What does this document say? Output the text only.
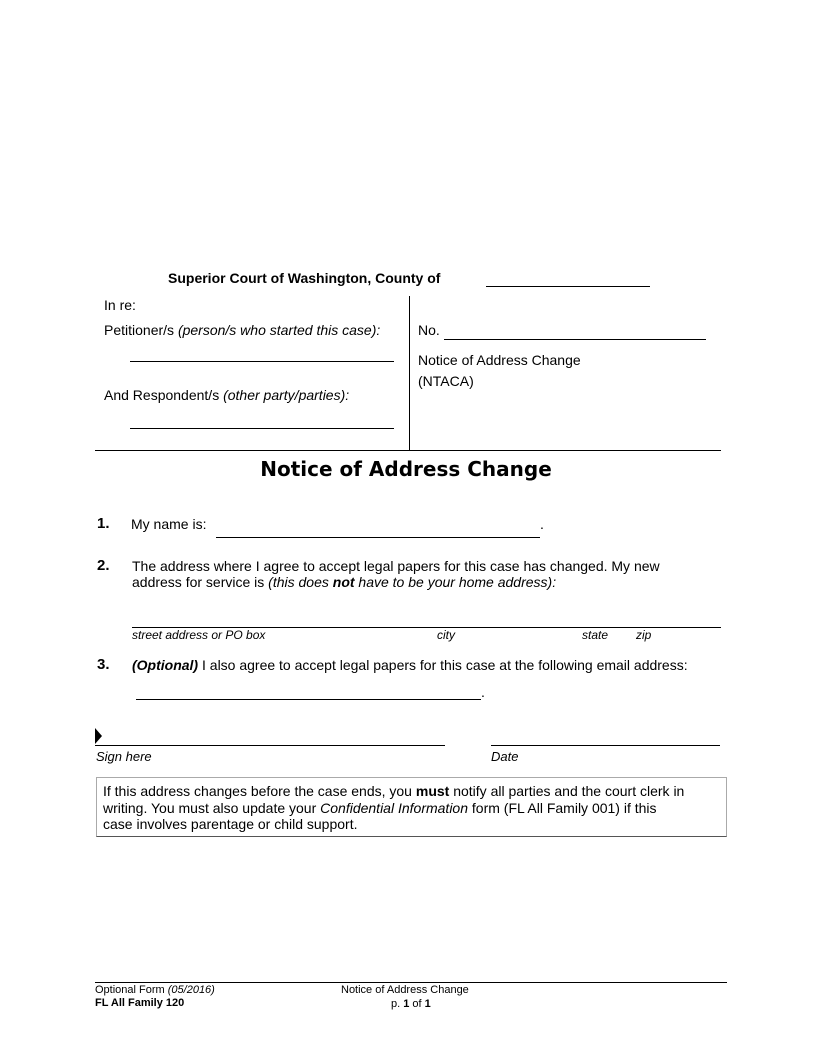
Superior Court of Washington, County of
In re:
Petitioner/s (person/s who started this case):
And Respondent/s (other party/parties):
No.
Notice of Address Change
(NTACA)
Notice of Address Change
1. My name is:	.
2. The address where I agree to accept legal papers for this case has changed. My new
address for service is (this does not have to be your home address):
street address or PO box	city	state zip
3. (Optional) I also agree to accept legal papers for this case at the following email address:
.
Sign here	Date
If this address changes before the case ends, you must notify all parties and the court clerk in
writing. You must also update your Confidential Information form (FL All Family 001) if this
case involves parentage or child support.
Optional Form (05/2016)
FL All Family 120
Notice of Address Change
p. 1 of 1
